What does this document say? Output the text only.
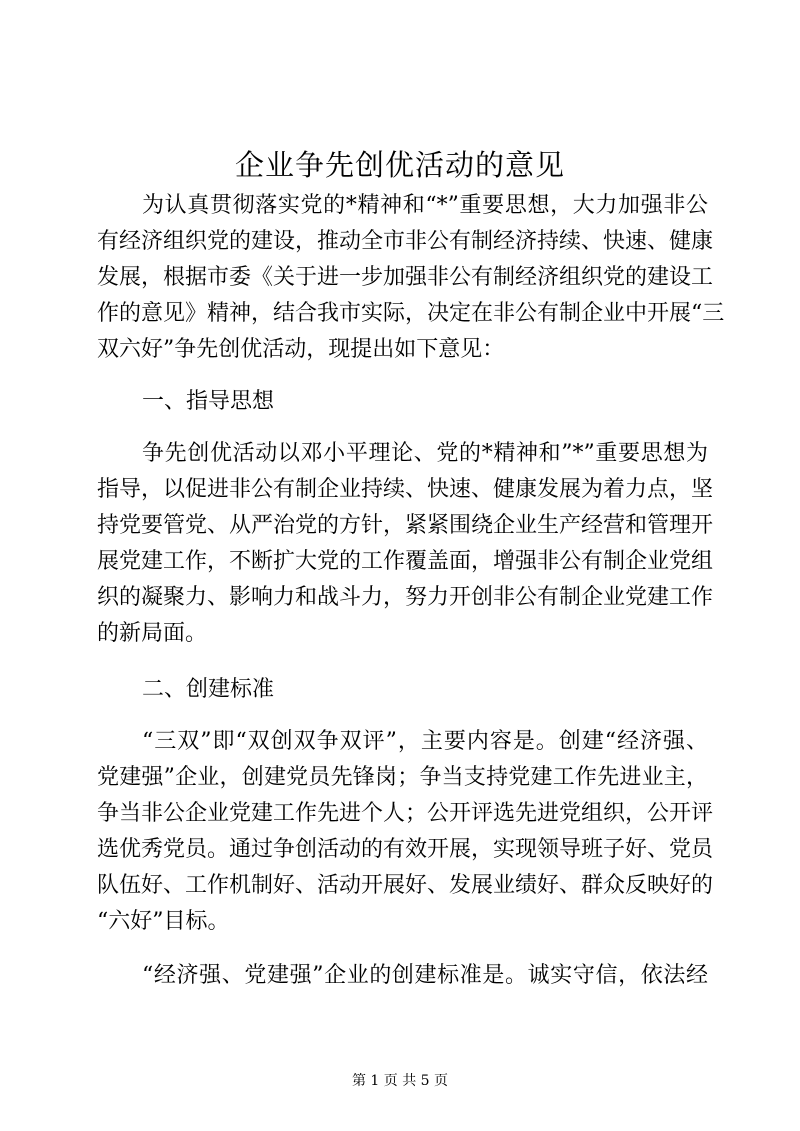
企业争先创优活动的意见
为认真贯彻落实党的*精神和“*”重要思想，大力加强非公
有经济组织党的建设，推动全市非公有制经济持续、快速、健康
发展，根据市委《关于进一步加强非公有制经济组织党的建设工
作的意见》精神，结合我市实际，决定在非公有制企业中开展“三
双六好”争先创优活动，现提出如下意见：
一、指导思想
争先创优活动以邓小平理论、党的*精神和”*”重要思想为
指导，以促进非公有制企业持续、快速、健康发展为着力点，坚
持党要管党、从严治党的方针，紧紧围绕企业生产经营和管理开
展党建工作，不断扩大党的工作覆盖面，增强非公有制企业党组
织的凝聚力、影响力和战斗力，努力开创非公有制企业党建工作
的新局面。
二、创建标准
“三双”即“双创双争双评”，主要内容是。创建“经济强、
党建强”企业，创建党员先锋岗；争当支持党建工作先进业主，
争当非公企业党建工作先进个人；公开评选先进党组织，公开评
选优秀党员。通过争创活动的有效开展，实现领导班子好、党员
队伍好、工作机制好、活动开展好、发展业绩好、群众反映好的
“六好”目标。
“经济强、党建强”企业的创建标准是。诚实守信，依法经
第 1 页 共 5 页
